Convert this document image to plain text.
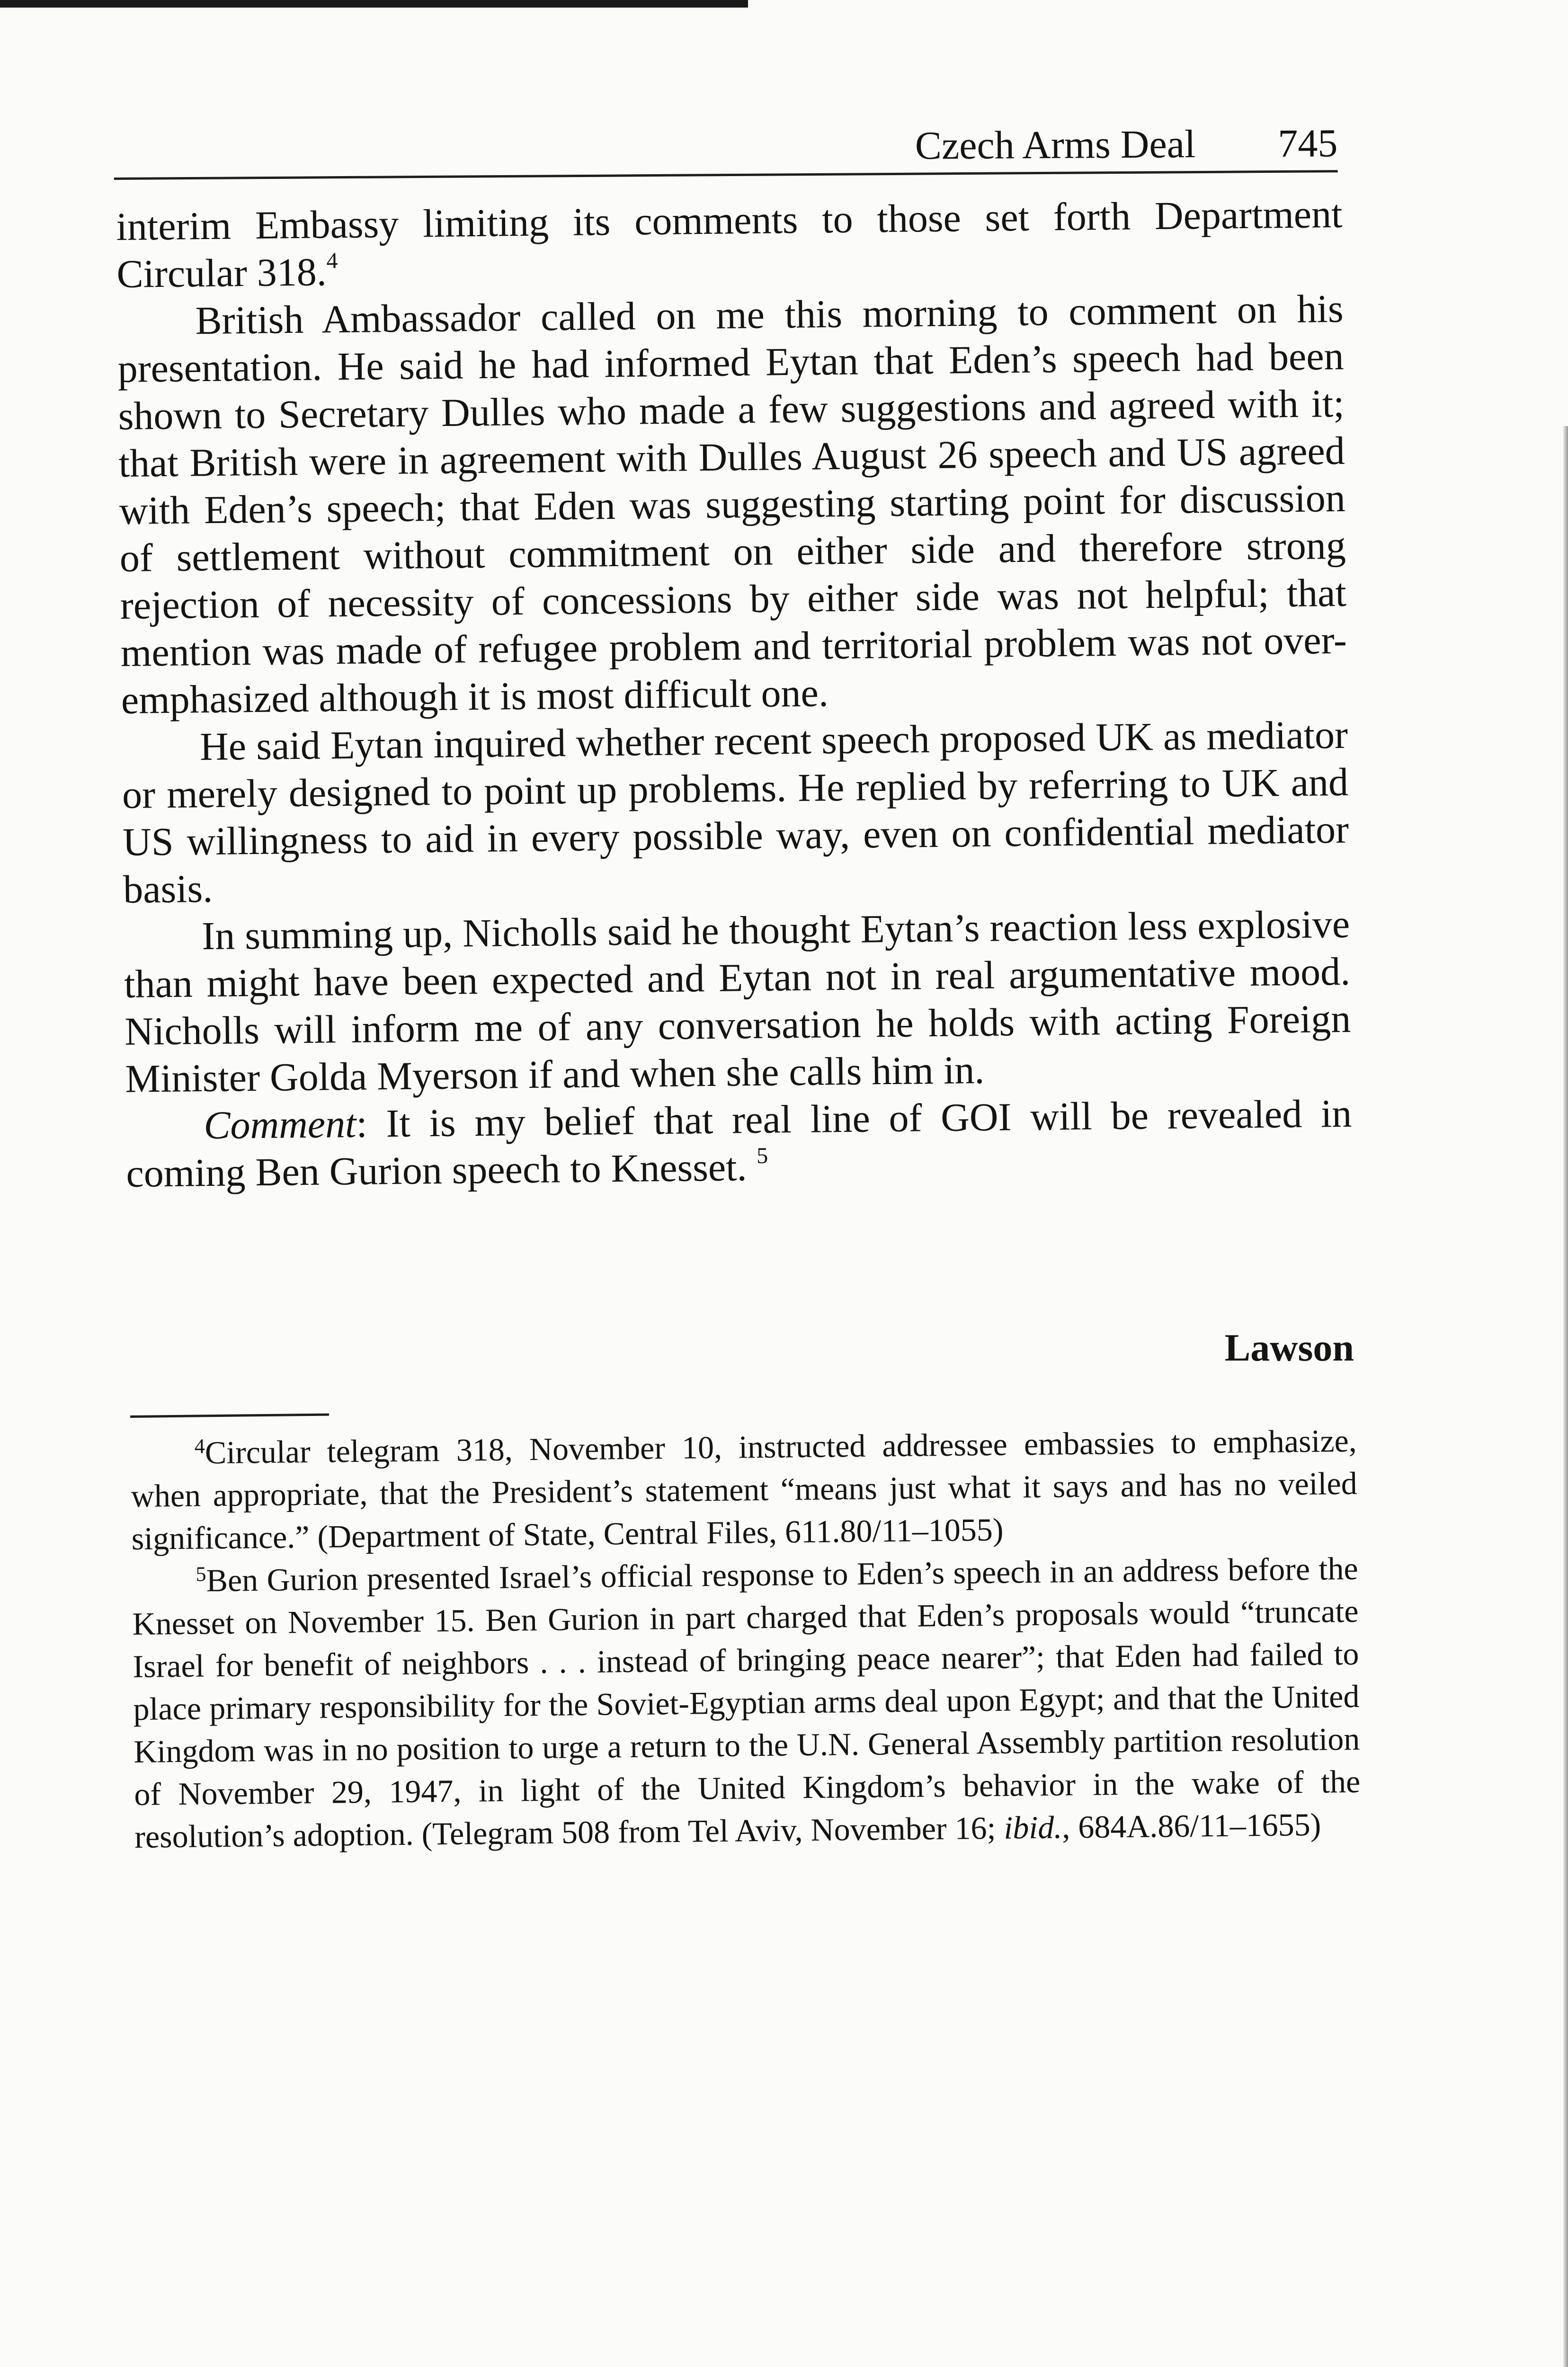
Czech Arms Deal	745

interim Embassy limiting its comments to those set forth Department Circular 318.$^4$

British Ambassador called on me this morning to comment on his presentation. He said he had informed Eytan that Eden’s speech had been shown to Secretary Dulles who made a few suggestions and agreed with it; that British were in agreement with Dulles August 26 speech and US agreed with Eden’s speech; that Eden was suggesting starting point for discussion of settlement without commitment on either side and therefore strong rejection of necessity of concessions by either side was not helpful; that mention was made of refugee problem and territorial problem was not over-emphasized although it is most difficult one.

He said Eytan inquired whether recent speech proposed UK as mediator or merely designed to point up problems. He replied by referring to UK and US willingness to aid in every possible way, even on confidential mediator basis.

In summing up, Nicholls said he thought Eytan’s reaction less explosive than might have been expected and Eytan not in real argumentative mood. Nicholls will inform me of any conversation he holds with acting Foreign Minister Golda Myerson if and when she calls him in.

Comment: It is my belief that real line of GOI will be revealed in coming Ben Gurion speech to Knesset. $^5$

Lawson

$^4$Circular telegram 318, November 10, instructed addressee embassies to emphasize, when appropriate, that the President’s statement “means just what it says and has no veiled significance.” (Department of State, Central Files, 611.80/11–1055)

$^5$Ben Gurion presented Israel’s official response to Eden’s speech in an address before the Knesset on November 15. Ben Gurion in part charged that Eden’s proposals would “truncate Israel for benefit of neighbors . . . instead of bringing peace nearer”; that Eden had failed to place primary responsibility for the Soviet-Egyptian arms deal upon Egypt; and that the United Kingdom was in no position to urge a return to the U.N. General Assembly partition resolution of November 29, 1947, in light of the United Kingdom’s behavior in the wake of the resolution’s adoption. (Telegram 508 from Tel Aviv, November 16; ibid., 684A.86/11–1655)
